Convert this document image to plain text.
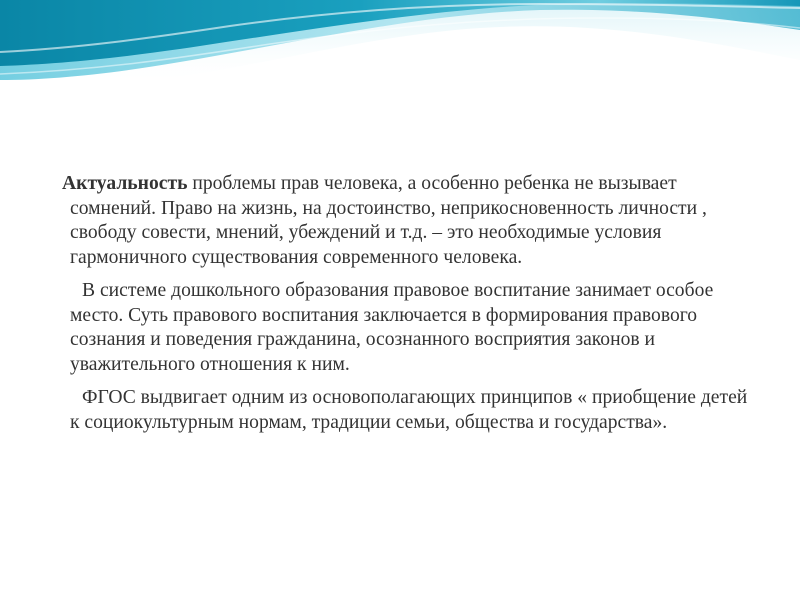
Актуальность проблемы прав человека, а особенно ребенка не вызывает сомнений. Право на жизнь, на достоинство, неприкосновенность личности , свободу совести, мнений, убеждений и т.д. – это необходимые условия гармоничного существования современного человека.

В системе дошкольного образования правовое воспитание занимает особое место. Суть правового воспитания заключается в формирования правового сознания и поведения гражданина, осознанного восприятия законов и уважительного отношения к ним.

ФГОС выдвигает одним из основополагающих принципов « приобщение детей к социокультурным нормам, традиции семьи, общества и государства».
